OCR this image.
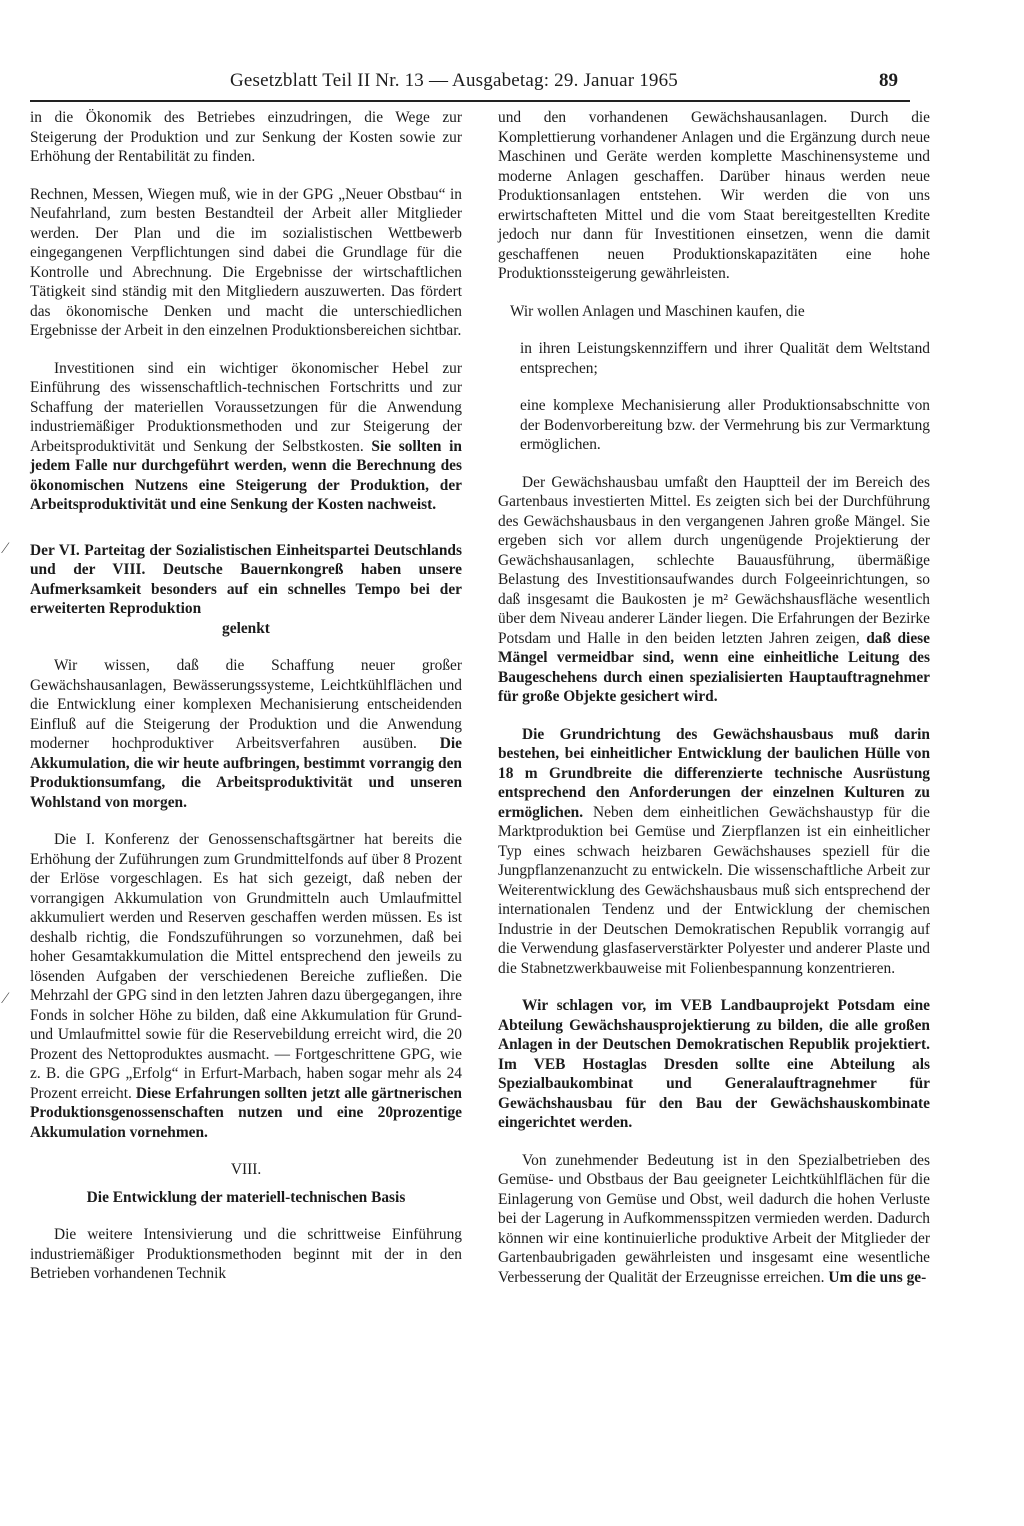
Gesetzblatt Teil II Nr. 13 — Ausgabetag: 29. Januar 1965	89
⁄
⁄

in die Ökonomik des Betriebes einzudringen, die Wege zur Steigerung der Produktion und zur Senkung der Kosten sowie zur Erhöhung der Rentabilität zu finden.

Rechnen, Messen, Wiegen muß, wie in der GPG „Neuer Obstbau“ in Neufahrland, zum besten Bestandteil der Arbeit aller Mitglieder werden. Der Plan und die im sozialistischen Wettbewerb eingegangenen Verpflichtungen sind dabei die Grundlage für die Kontrolle und Abrechnung. Die Ergebnisse der wirtschaftlichen Tätigkeit sind ständig mit den Mitgliedern auszuwerten. Das fördert das ökonomische Denken und macht die unterschiedlichen Ergebnisse der Arbeit in den einzelnen Produktionsbereichen sichtbar.

Investitionen sind ein wichtiger ökonomischer Hebel zur Einführung des wissenschaftlich-technischen Fortschritts und zur Schaffung der materiellen Voraussetzungen für die Anwendung industriemäßiger Produktionsmethoden und zur Steigerung der Arbeitsproduktivität und Senkung der Selbstkosten. Sie sollten in jedem Falle nur durchgeführt werden, wenn die Berechnung des ökonomischen Nutzens eine Steigerung der Produktion, der Arbeitsproduktivität und eine Senkung der Kosten nachweist.

Der VI. Parteitag der Sozialistischen Einheitspartei Deutschlands und der VIII. Deutsche Bauernkongreß haben unsere Aufmerksamkeit besonders auf ein schnelles Tempo bei der erweiterten Reproduktion
gelenkt

Wir wissen, daß die Schaffung neuer großer Gewächshausanlagen, Bewässerungssysteme, Leichtkühlflächen und die Entwicklung einer komplexen Mechanisierung entscheidenden Einfluß auf die Steigerung der Produktion und die Anwendung moderner hochproduktiver Arbeitsverfahren ausüben. Die Akkumulation, die wir heute aufbringen, bestimmt vorrangig den Produktionsumfang, die Arbeitsproduktivität und unseren Wohlstand von morgen.

Die I. Konferenz der Genossenschaftsgärtner hat bereits die Erhöhung der Zuführungen zum Grundmittelfonds auf über 8 Prozent der Erlöse vorgeschlagen. Es hat sich gezeigt, daß neben der vorrangigen Akkumulation von Grundmitteln auch Umlaufmittel akkumuliert werden und Reserven geschaffen werden müssen. Es ist deshalb richtig, die Fondszuführungen so vorzunehmen, daß bei hoher Gesamtakkumulation die Mittel entsprechend den jeweils zu lösenden Aufgaben der verschiedenen Bereiche zufließen. Die Mehrzahl der GPG sind in den letzten Jahren dazu übergegangen, ihre Fonds in solcher Höhe zu bilden, daß eine Akkumulation für Grund- und Umlaufmittel sowie für die Reservebildung erreicht wird, die 20 Prozent des Nettoproduktes ausmacht. — Fortgeschrittene GPG, wie z. B. die GPG „Erfolg“ in Erfurt-Marbach, haben sogar mehr als 24 Prozent erreicht. Diese Erfahrungen sollten jetzt alle gärtnerischen Produktionsgenossenschaften nutzen und eine 20prozentige Akkumulation vornehmen.

VIII.
Die Entwicklung der materiell-technischen Basis

Die weitere Intensivierung und die schrittweise Einführung industriemäßiger Produktionsmethoden beginnt mit der in den Betrieben vorhandenen Technik

und den vorhandenen Gewächshausanlagen. Durch die Komplettierung vorhandener Anlagen und die Ergänzung durch neue Maschinen und Geräte werden komplette Maschinensysteme und moderne Anlagen geschaffen. Darüber hinaus werden neue Produktionsanlagen entstehen. Wir werden die von uns erwirtschafteten Mittel und die vom Staat bereitgestellten Kredite jedoch nur dann für Investitionen einsetzen, wenn die damit geschaffenen neuen Produktionskapazitäten eine hohe Produktionssteigerung gewährleisten.

Wir wollen Anlagen und Maschinen kaufen, die

in ihren Leistungskennziffern und ihrer Qualität dem Weltstand entsprechen;

eine komplexe Mechanisierung aller Produktionsabschnitte von der Bodenvorbereitung bzw. der Vermehrung bis zur Vermarktung ermöglichen.

Der Gewächshausbau umfaßt den Hauptteil der im Bereich des Gartenbaus investierten Mittel. Es zeigten sich bei der Durchführung des Gewächshausbaus in den vergangenen Jahren große Mängel. Sie ergeben sich vor allem durch ungenügende Projektierung der Gewächshausanlagen, schlechte Bauausführung, übermäßige Belastung des Investitionsaufwandes durch Folgeeinrichtungen, so daß insgesamt die Baukosten je m² Gewächshausfläche wesentlich über dem Niveau anderer Länder liegen. Die Erfahrungen der Bezirke Potsdam und Halle in den beiden letzten Jahren zeigen, daß diese Mängel vermeidbar sind, wenn eine einheitliche Leitung des Baugeschehens durch einen spezialisierten Hauptauftragnehmer für große Objekte gesichert wird.

Die Grundrichtung des Gewächshausbaus muß darin bestehen, bei einheitlicher Entwicklung der baulichen Hülle von 18 m Grundbreite die differenzierte technische Ausrüstung entsprechend den Anforderungen der einzelnen Kulturen zu ermöglichen. Neben dem einheitlichen Gewächshaustyp für die Marktproduktion bei Gemüse und Zierpflanzen ist ein einheitlicher Typ eines schwach heizbaren Gewächshauses speziell für die Jungpflanzenanzucht zu entwickeln. Die wissenschaftliche Arbeit zur Weiterentwicklung des Gewächshausbaus muß sich entsprechend der internationalen Tendenz und der Entwicklung der chemischen Industrie in der Deutschen Demokratischen Republik vorrangig auf die Verwendung glasfaserverstärkter Polyester und anderer Plaste und die Stabnetzwerkbauweise mit Folienbespannung konzentrieren.

Wir schlagen vor, im VEB Landbauprojekt Potsdam eine Abteilung Gewächshausprojektierung zu bilden, die alle großen Anlagen in der Deutschen Demokratischen Republik projektiert. Im VEB Hostaglas Dresden sollte eine Abteilung als Spezialbaukombinat und Generalauftragnehmer für Gewächshausbau für den Bau der Gewächshauskombinate eingerichtet werden.

Von zunehmender Bedeutung ist in den Spezialbetrieben des Gemüse- und Obstbaus der Bau geeigneter Leichtkühlflächen für die Einlagerung von Gemüse und Obst, weil dadurch die hohen Verluste bei der Lagerung in Aufkommensspitzen vermieden werden. Dadurch können wir eine kontinuierliche produktive Arbeit der Mitglieder der Gartenbaubrigaden gewährleisten und insgesamt eine wesentliche Verbesserung der Qualität der Erzeugnisse erreichen. Um die uns ge-
